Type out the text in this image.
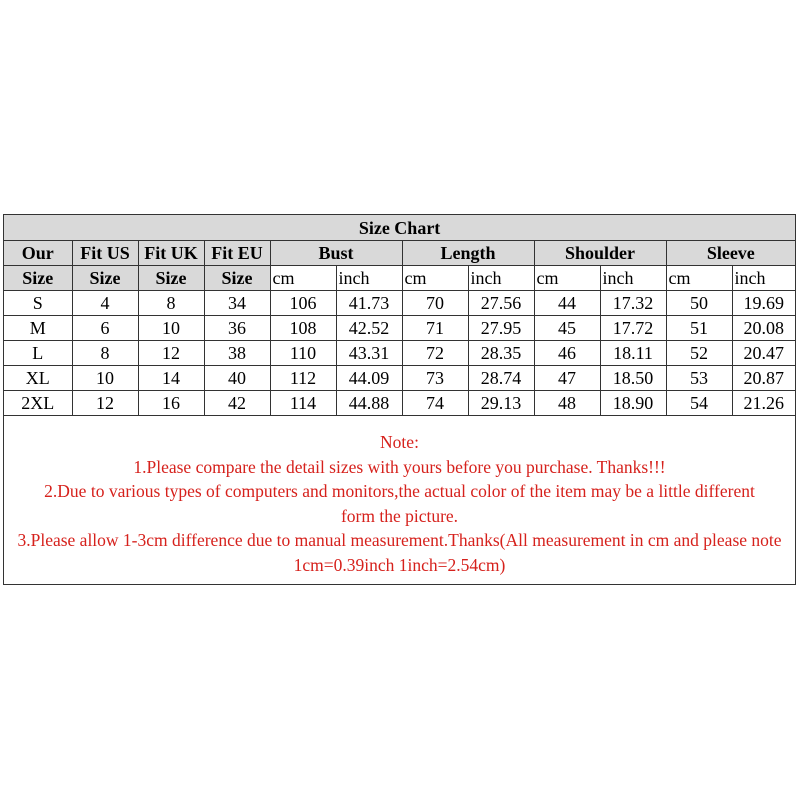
Size Chart											
Our	Fit US	Fit UK	Fit EU	Bust		Length		Shoulder		Sleeve	
Size	Size	Size	Size	cm	inch	cm	inch	cm	inch	cm	inch
S	4	8	34	106	41.73	70	27.56	44	17.32	50	19.69
M	6	10	36	108	42.52	71	27.95	45	17.72	51	20.08
L	8	12	38	110	43.31	72	28.35	46	18.11	52	20.47
XL	10	14	40	112	44.09	73	28.74	47	18.50	53	20.87
2XL	12	16	42	114	44.88	74	29.13	48	18.90	54	21.26
Note:
1.Please compare the detail sizes with yours before you purchase. Thanks!!!
2.Due to various types of computers and monitors,the actual color of the item may be a little different form the picture.
3.Please allow 1-3cm difference due to manual measurement.Thanks(All measurement in cm and please note 1cm=0.39inch 1inch=2.54cm)
